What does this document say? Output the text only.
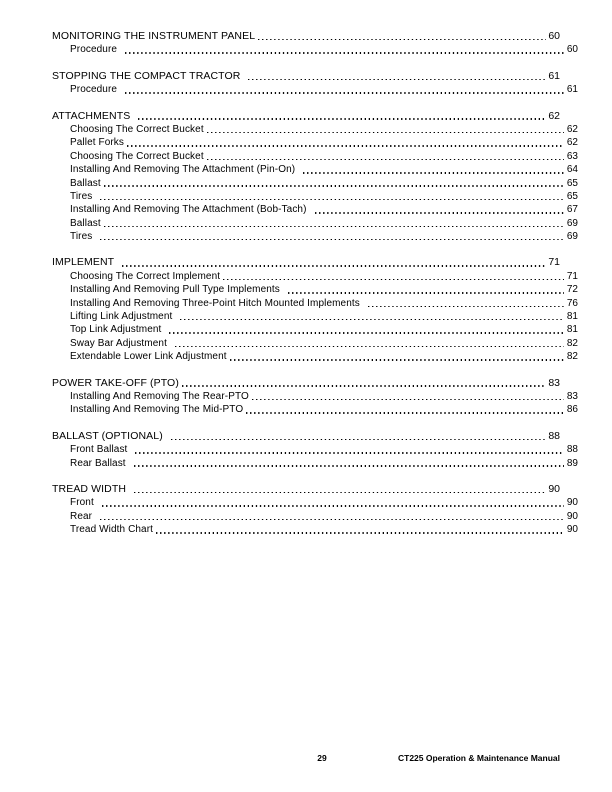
MONITORING THE INSTRUMENT PANEL	60
Procedure	60
STOPPING THE COMPACT TRACTOR	61
Procedure	61
ATTACHMENTS	62
Choosing The Correct Bucket	62
Pallet Forks	62
Choosing The Correct Bucket	63
Installing And Removing The Attachment (Pin-On)	64
Ballast	65
Tires	65
Installing And Removing The Attachment (Bob-Tach)	67
Ballast	69
Tires	69
IMPLEMENT	71
Choosing The Correct Implement	71
Installing And Removing Pull Type Implements	72
Installing And Removing Three-Point Hitch Mounted Implements	76
Lifting Link Adjustment	81
Top Link Adjustment	81
Sway Bar Adjustment	82
Extendable Lower Link Adjustment	82
POWER TAKE-OFF (PTO)	83
Installing And Removing The Rear-PTO	83
Installing And Removing The Mid-PTO	86
BALLAST (OPTIONAL)	88
Front Ballast	88
Rear Ballast	89
TREAD WIDTH	90
Front	90
Rear	90
Tread Width Chart	90
29	CT225 Operation & Maintenance Manual
